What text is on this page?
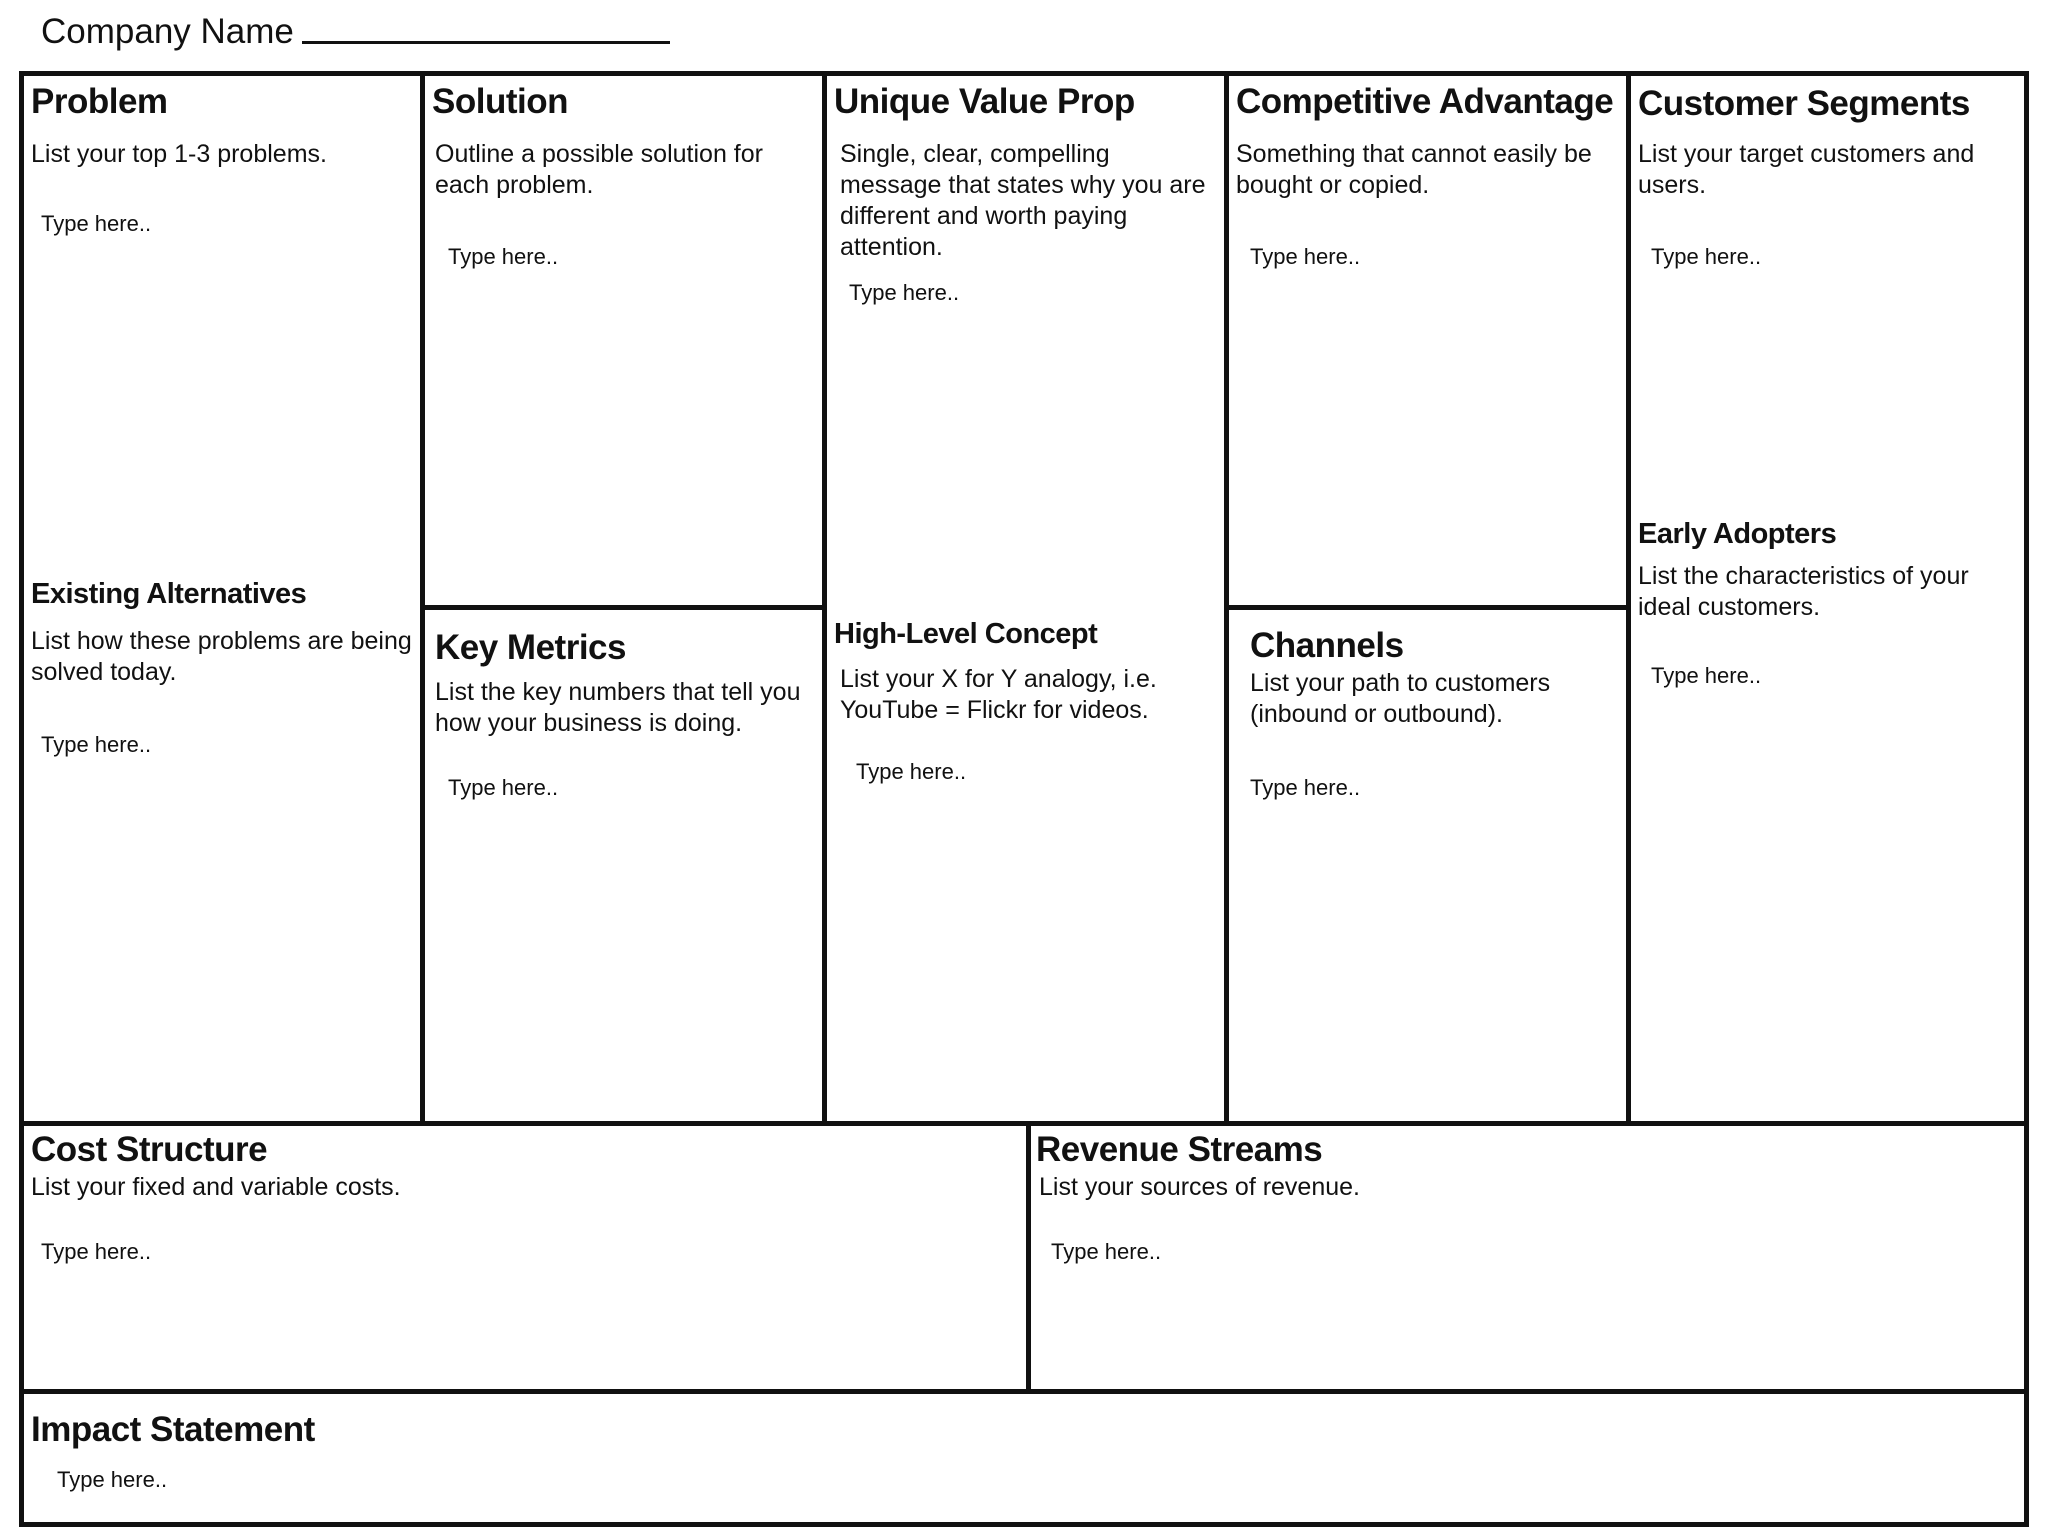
Company Name
Problem
List your top 1-3 problems.
Type here..
Existing Alternatives
List how these problems are being solved today.
Type here..
Solution
Outline a possible solution for each problem.
Type here..
Key Metrics
List the key numbers that tell you how your business is doing.
Type here..
Unique Value Prop
Single, clear, compelling message that states why you are different and worth paying attention.
Type here..
High-Level Concept
List your X for Y analogy, i.e. YouTube = Flickr for videos.
Type here..
Competitive Advantage
Something that cannot easily be bought or copied.
Type here..
Channels
List your path to customers (inbound or outbound).
Type here..
Customer Segments
List your target customers and users.
Type here..
Early Adopters
List the characteristics of your ideal customers.
Type here..
Cost Structure
List your fixed and variable costs.
Type here..
Revenue Streams
List your sources of revenue.
Type here..
Impact Statement
Type here..
